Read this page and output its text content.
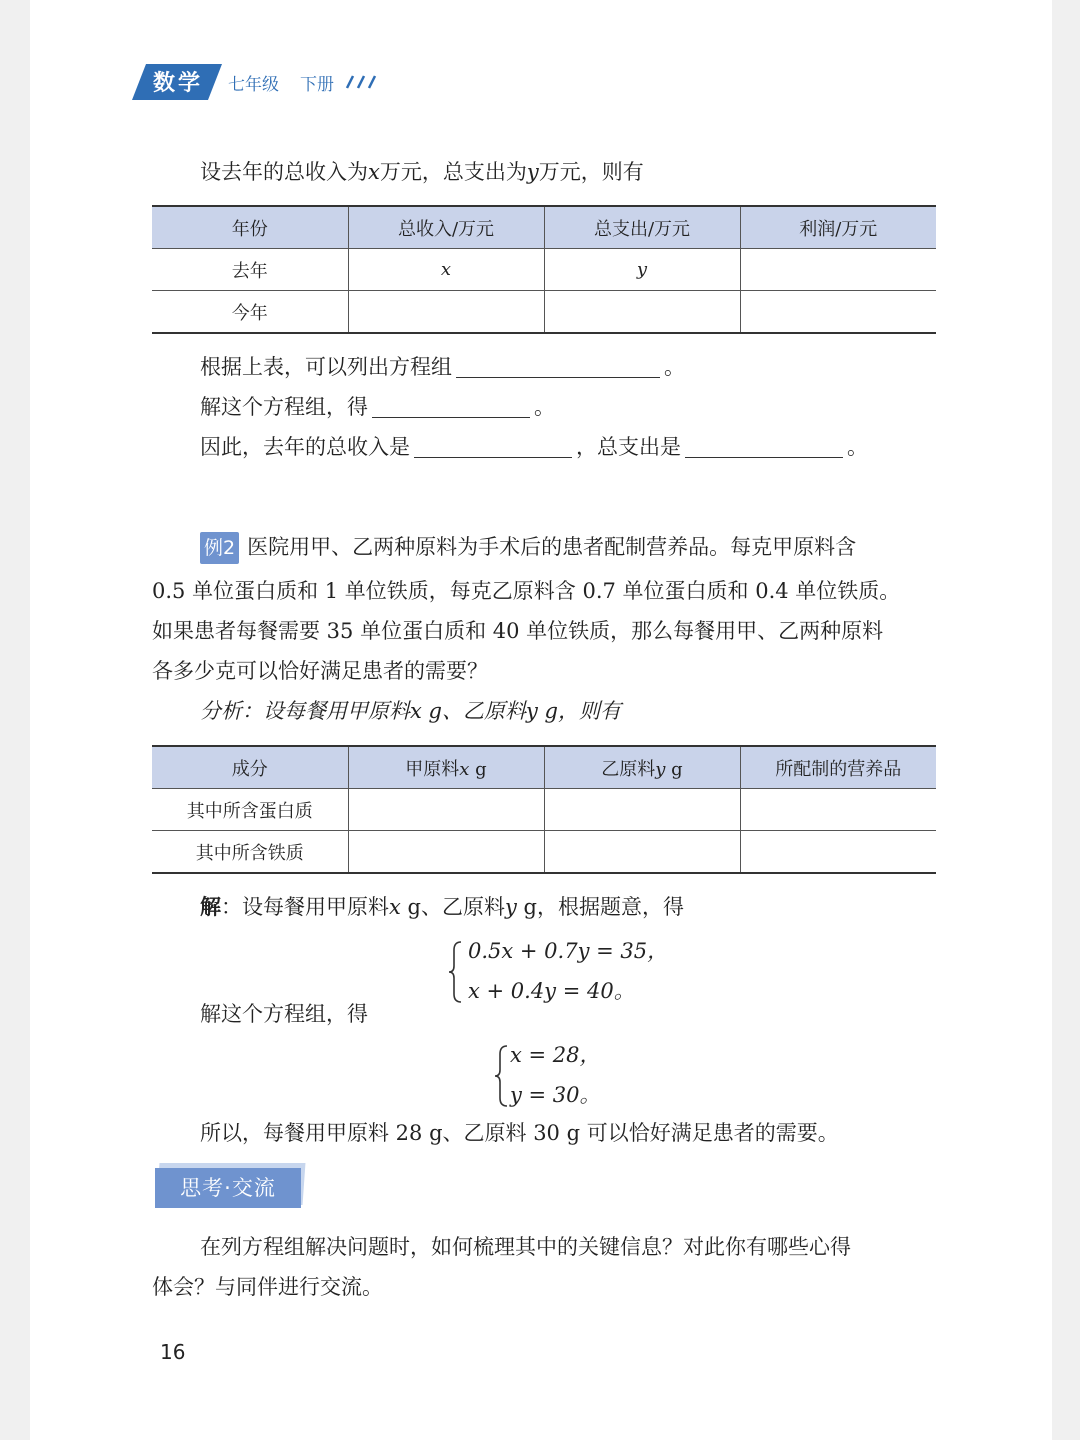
数学	七年级 下册
设去年的总收入为x万元，总支出为y万元，则有
年份	总收入/万元	总支出/万元	利润/万元
去年	x	y	
今年			
根据上表，可以列出方程组	。
解这个方程组，得	。
因此，去年的总收入是	，总支出是	。
例2 医院用甲、乙两种原料为手术后的患者配制营养品。每克甲原料含
0.5 单位蛋白质和 1 单位铁质，每克乙原料含 0.7 单位蛋白质和 0.4 单位铁质。
如果患者每餐需要 35 单位蛋白质和 40 单位铁质，那么每餐用甲、乙两种原料
各多少克可以恰好满足患者的需要？
分析：设每餐用甲原料x g、乙原料y g，则有
成分	甲原料x g	乙原料y g	所配制的营养品
其中所含蛋白质			
其中所含铁质			
解：设每餐用甲原料x g、乙原料y g，根据题意，得
0.5x + 0.7y = 35，
x + 0.4y = 40。
解这个方程组，得
x = 28，
y = 30。
所以，每餐用甲原料 28 g、乙原料 30 g 可以恰好满足患者的需要。
思考·交流
在列方程组解决问题时，如何梳理其中的关键信息？对此你有哪些心得
体会？与同伴进行交流。
16
